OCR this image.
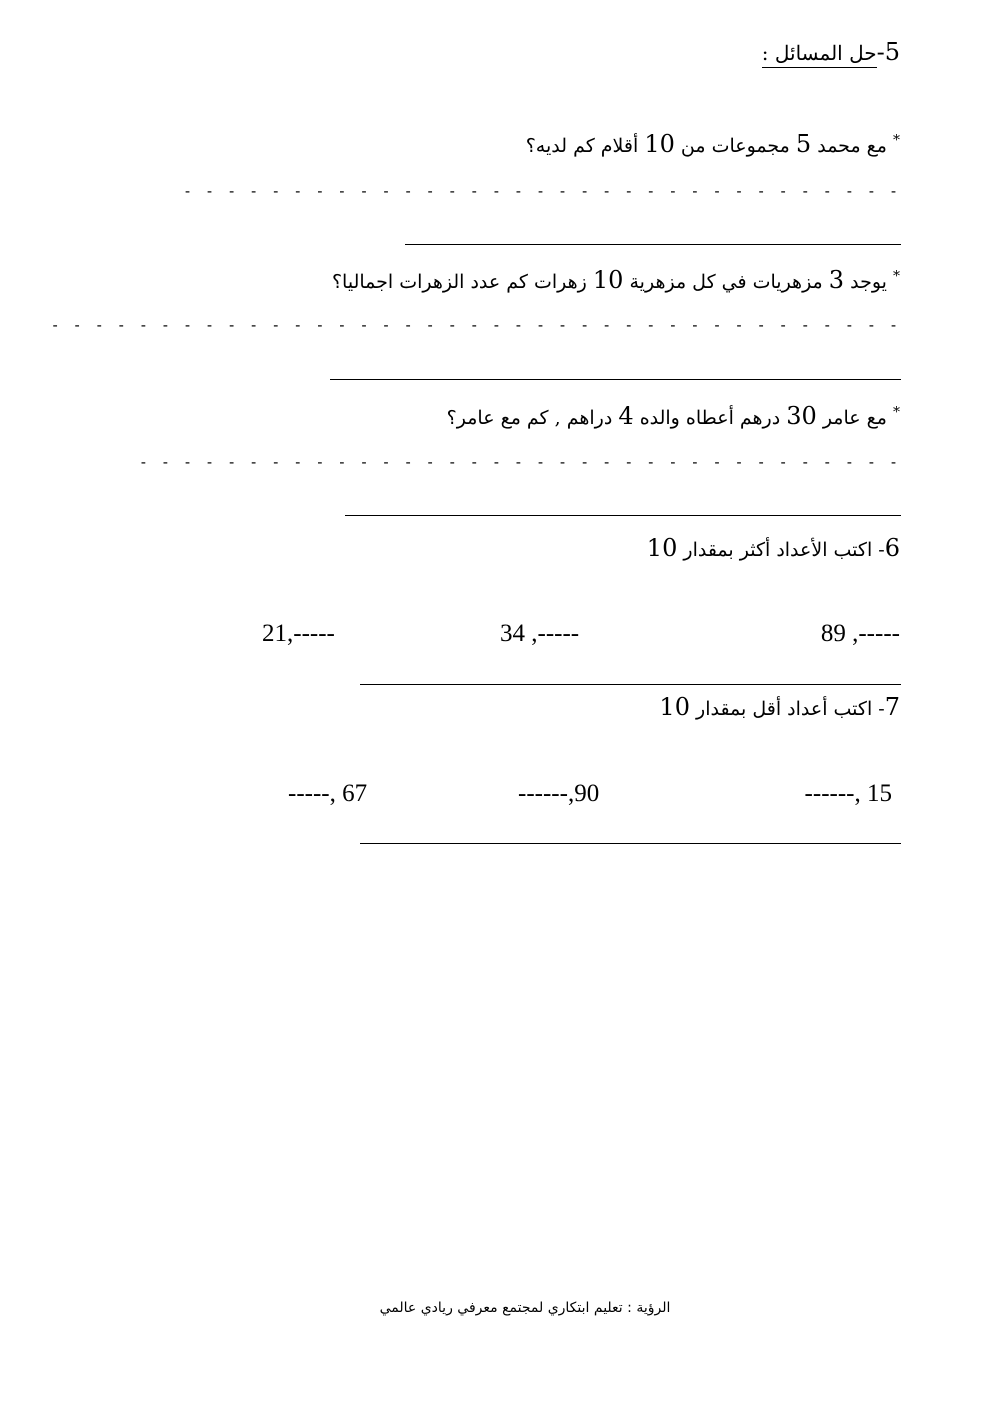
5-حل المسائل :
* مع محمد 5 مجموعات من 10 أقلام كم لديه؟
- - - - - - - - - - - - - - - - - - - - - - - - - - - - - - - - -
* يوجد 3 مزهريات في كل مزهرية 10 زهرات كم عدد الزهرات اجماليا؟
- - - - - - - - - - - - - - - - - - - - - - - - - - - - - - - - - - - - - - -
* مع عامر 30 درهم أعطاه والده 4 دراهم , كم مع عامر؟
- - - - - - - - - - - - - - - - - - - - - - - - - - - - - - - - - - -
6- اكتب الأعداد أكثر بمقدار 10
89 ,-----
34 ,-----
21,-----
7- اكتب أعداد أقل بمقدار 10
------, 15
------,90
-----, 67
الرؤية : تعليم ابتكاري لمجتمع معرفي ريادي عالمي
